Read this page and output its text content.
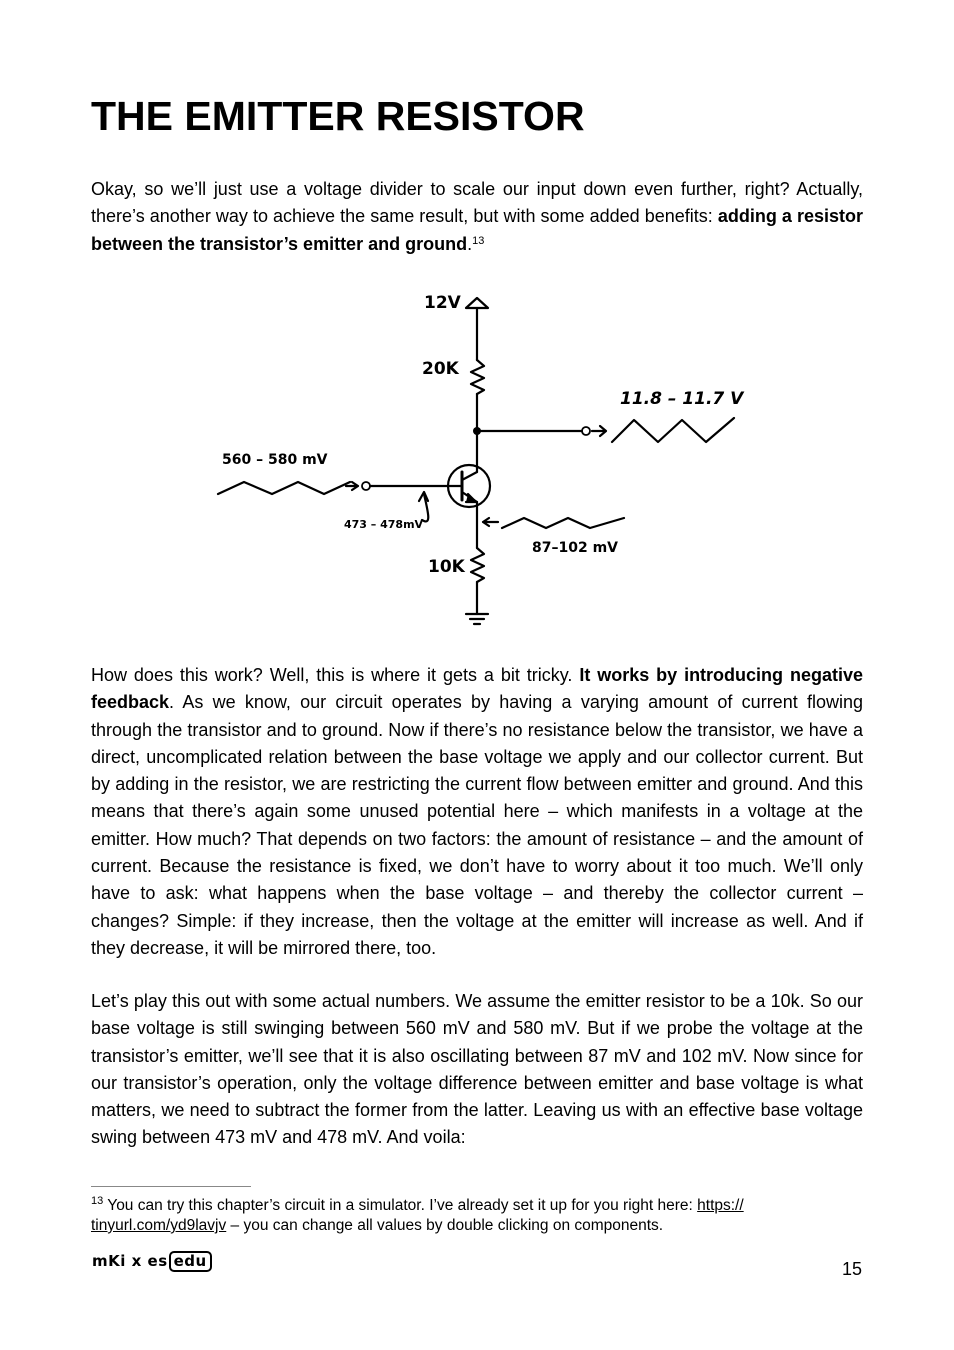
THE EMITTER RESISTOR

Okay, so we’ll just use a voltage divider to scale our input down even further, right? Actually, there’s another way to achieve the same result, but with some added benefits: adding a resistor between the transistor’s emitter and ground.$^{13}$

12V
20K
11.8 – 11.7 V
560 – 580 mV
473 – 478mV
87–102 mV
10K

How does this work? Well, this is where it gets a bit tricky. It works by introducing negative feedback. As we know, our circuit operates by having a varying amount of current flowing through the transistor and to ground. Now if there’s no resistance below the transistor, we have a direct, uncomplicated relation between the base voltage we apply and our collector current. But by adding in the resistor, we are restricting the current flow between emitter and ground. And this means that there’s again some unused potential here – which manifests in a voltage at the emitter. How much? That depends on two factors: the amount of resistance – and the amount of current. Because the resistance is fixed, we don’t have to worry about it too much. We’ll only have to ask: what happens when the base voltage – and thereby the collector current – changes? Simple: if they increase, then the voltage at the emitter will increase as well. And if they decrease, it will be mirrored there, too.

Let’s play this out with some actual numbers. We assume the emitter resistor to be a 10k. So our base voltage is still swinging between 560 mV and 580 mV. But if we probe the voltage at the transistor’s emitter, we’ll see that it is also oscillating between 87 mV and 102 mV. Now since for our transistor’s operation, only the voltage difference between emitter and base voltage is what matters, we need to subtract the former from the latter. Leaving us with an effective base voltage swing between 473 mV and 478 mV. And voila:

$^{13}$ You can try this chapter’s circuit in a simulator. I’ve already set it up for you right here: https://
tinyurl.com/yd9lavjv – you can change all values by double clicking on components.

mKi x es edu	15
